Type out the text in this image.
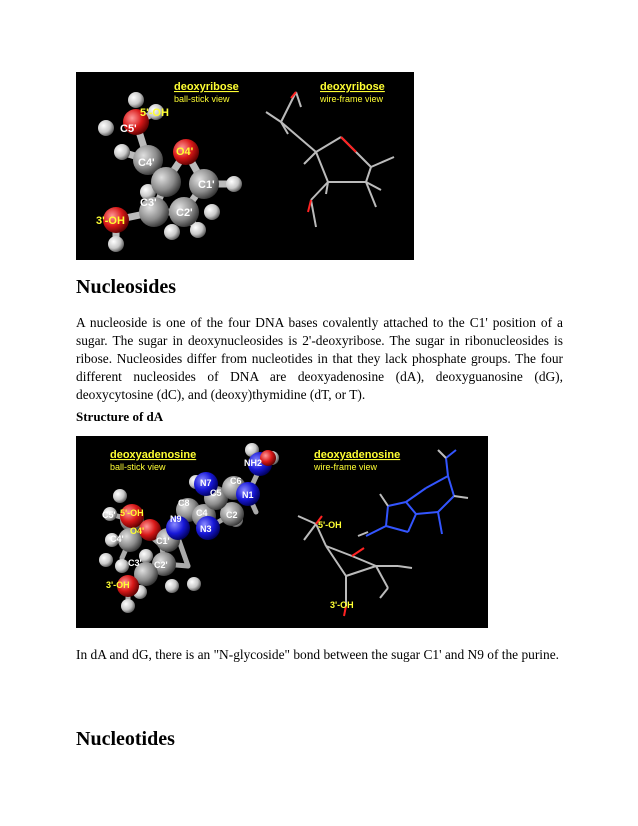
5'-OH
C5'
C4'
O4'
C1'
C3'
C2'
3'-OH
deoxyribose
ball-stick view
deoxyribose
wire-frame view
Nucleosides

A nucleoside is one of the four DNA bases covalently attached to the C1' position of a sugar. The sugar in deoxynucleosides is 2'-deoxyribose. The sugar in ribonucleosides is ribose. Nucleosides differ from nucleotides in that they lack phosphate groups. The four different nucleosides of DNA are deoxyadenosine (dA), deoxyguanosine (dG), deoxycytosine (dC), and (deoxy)thymidine (dT, or T).

Structure of dA
NH2
N7 C6
C5 N1
C8
C4 C2
N9
N3
C5' 5'-OH
O4'
C4'	C1'
C3' C2'
3'-OH
5'-OH
3'-OH
deoxyadenosine
ball-stick view
deoxyadenosine
wire-frame view

In dA and dG, there is an "N-glycoside" bond between the sugar C1' and N9 of the purine.

Nucleotides
